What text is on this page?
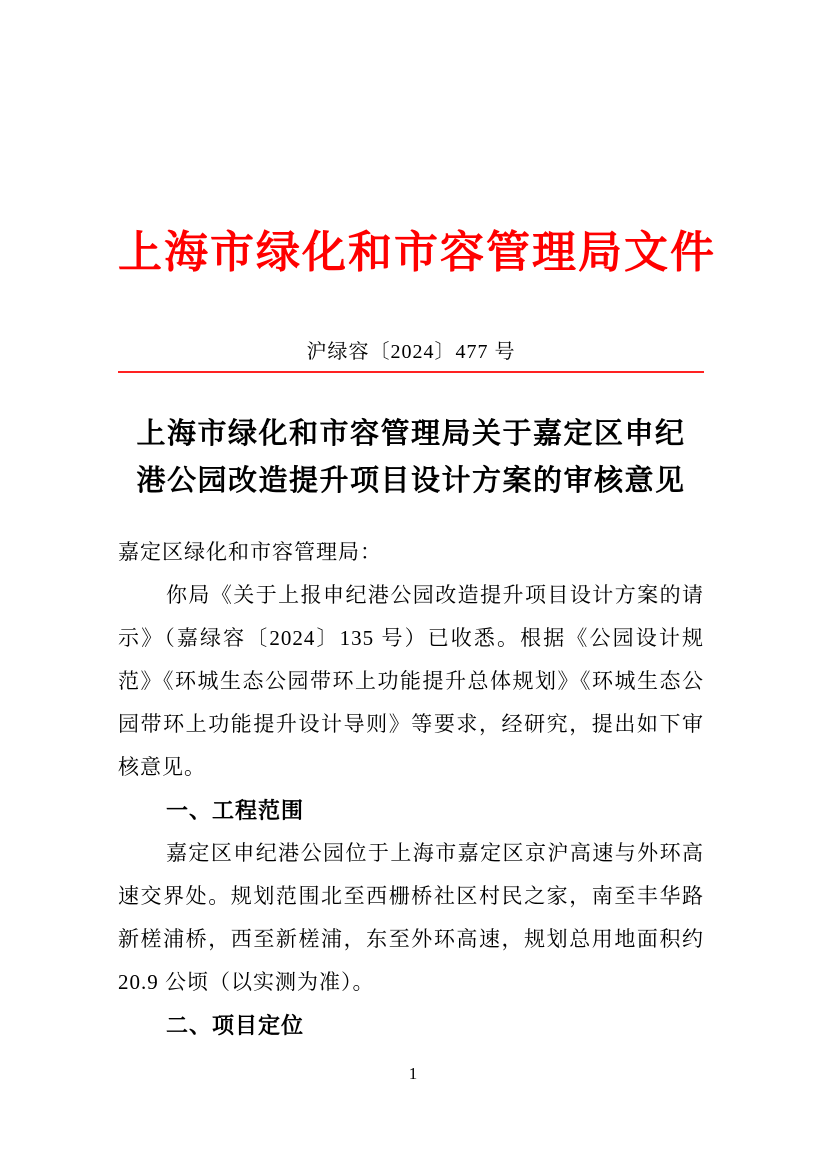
上海市绿化和市容管理局文件
沪绿容〔2024〕477 号
上海市绿化和市容管理局关于嘉定区申纪
港公园改造提升项目设计方案的审核意见
嘉定区绿化和市容管理局：

你局《关于上报申纪港公园改造提升项目设计方案的请示》（嘉绿容〔2024〕135 号）已收悉。根据《公园设计规范》《环城生态公园带环上功能提升总体规划》《环城生态公园带环上功能提升设计导则》等要求，经研究，提出如下审核意见。

一、工程范围

嘉定区申纪港公园位于上海市嘉定区京沪高速与外环高速交界处。规划范围北至西栅桥社区村民之家，南至丰华路新槎浦桥，西至新槎浦，东至外环高速，规划总用地面积约 20.9 公顷（以实测为准）。

二、项目定位
1
